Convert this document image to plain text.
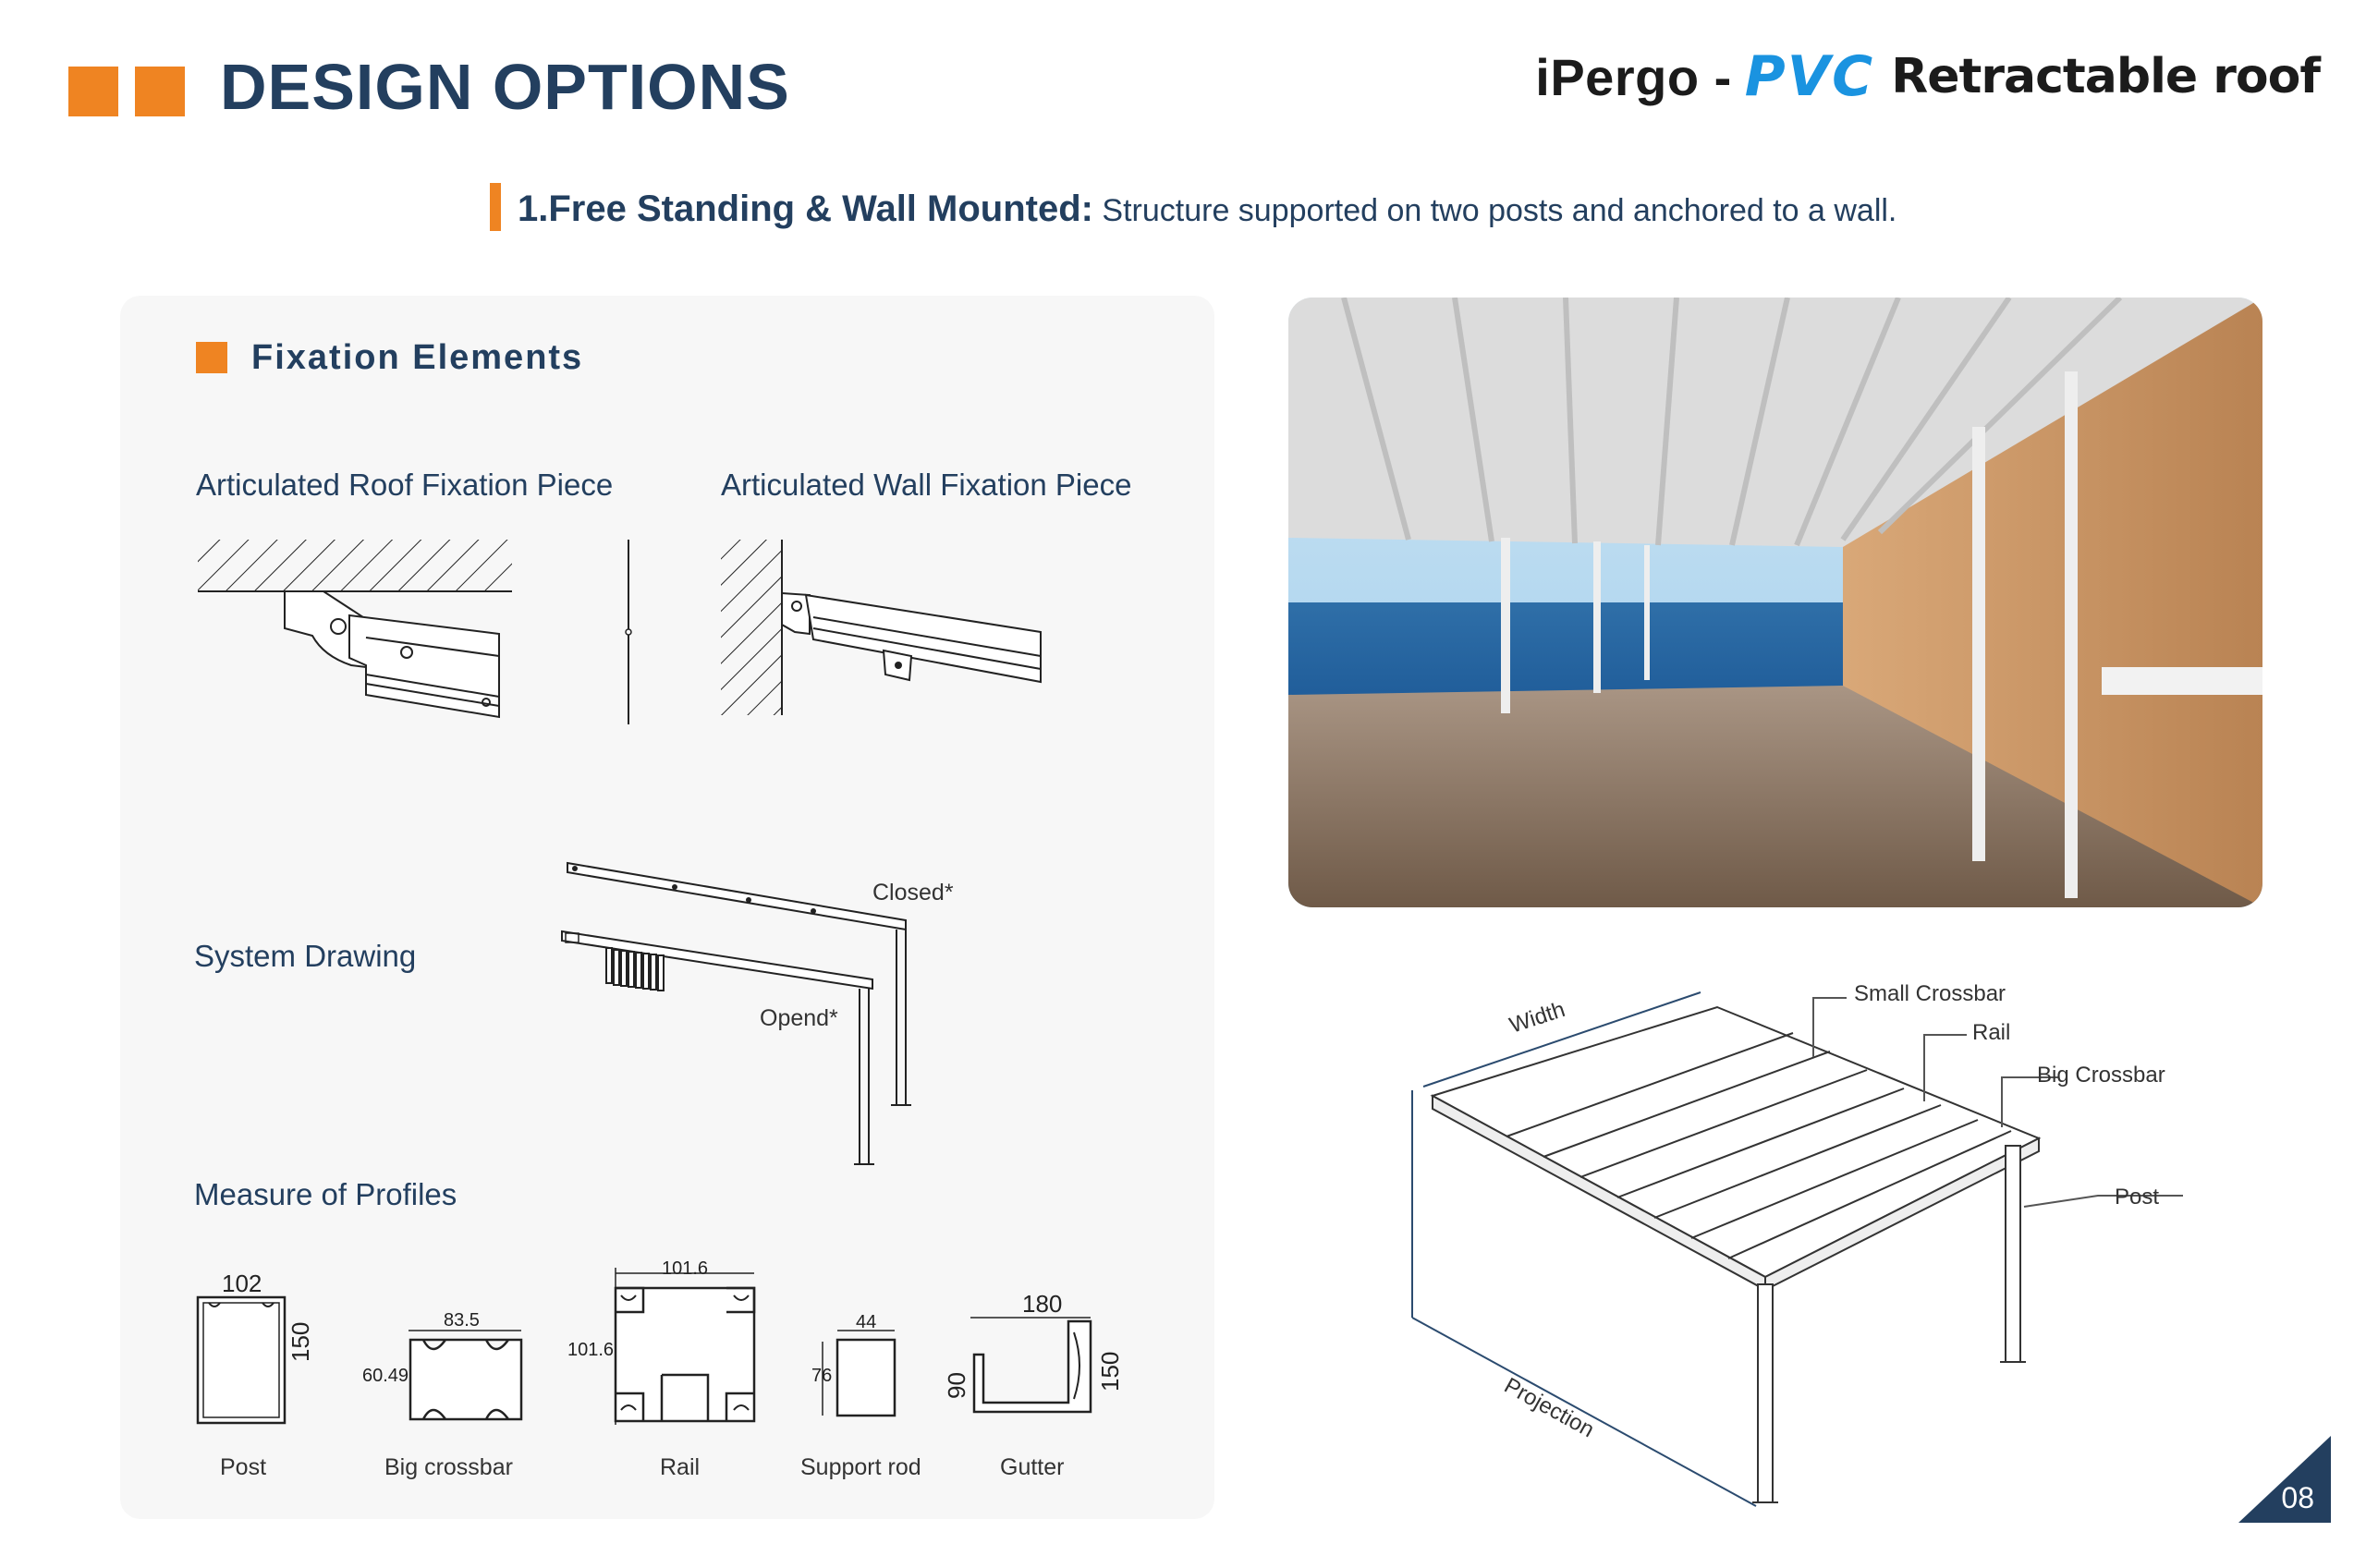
DESIGN OPTIONS	iPergo - PVC Retractable roof
1.Free Standing & Wall Mounted: Structure supported on two posts and anchored to a wall.
Fixation Elements
Articulated Roof Fixation Piece	Articulated Wall Fixation Piece
System Drawing
Closed*
Opend*
Measure of Profiles
102
150
Post
83.5
60.49
Big crossbar
101.6
101.6
Rail
44
76
Support rod
180
90	150
Gutter
Width
Projection
Small Crossbar
Rail
Big Crossbar
Post
08
